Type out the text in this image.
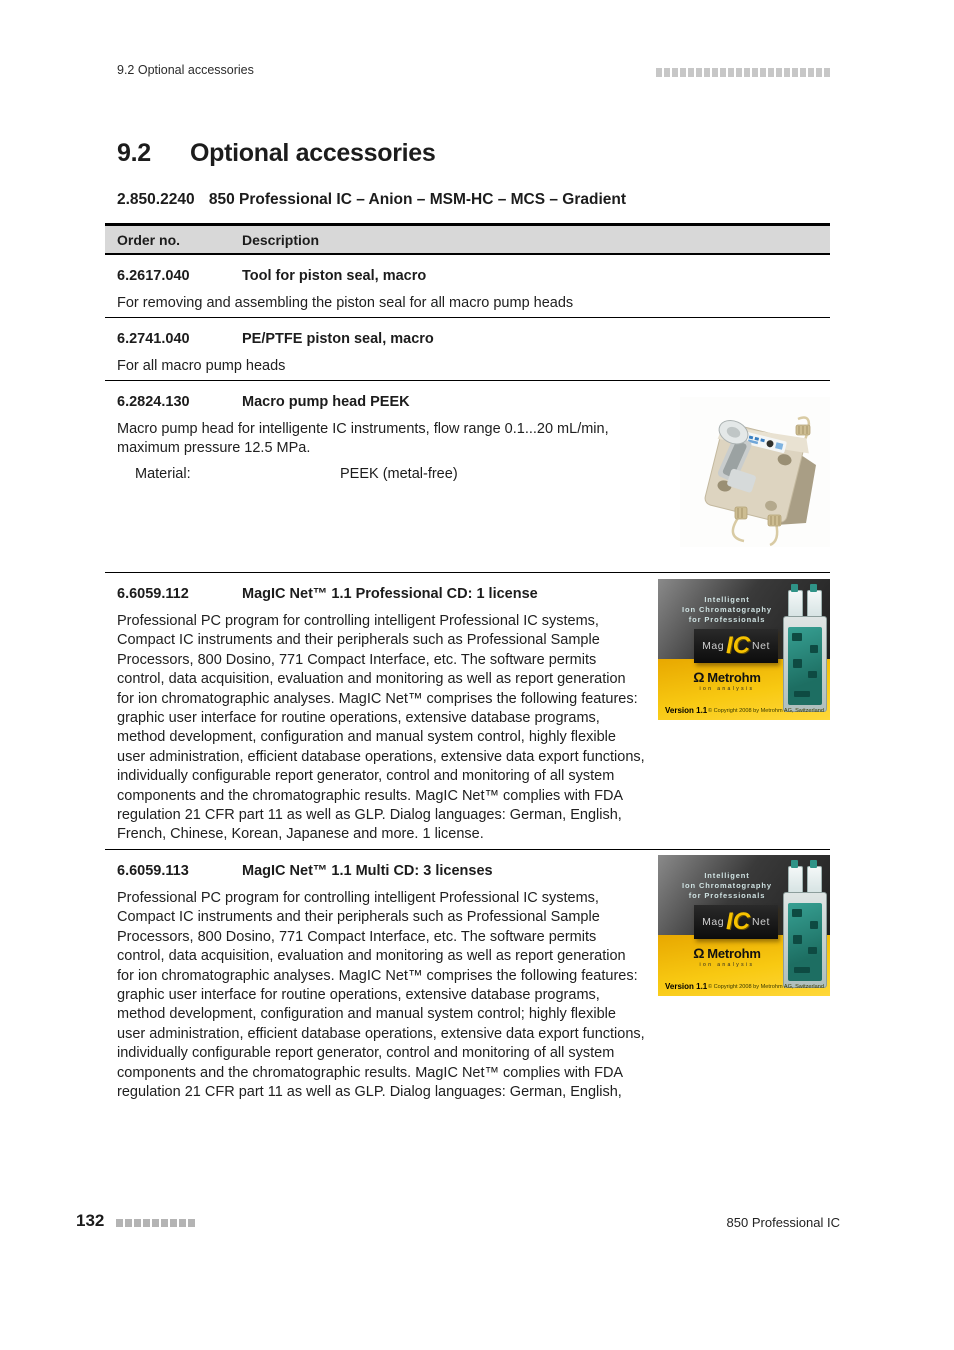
9.2 Optional accessories
9.2 Optional accessories
2.850.2240 850 Professional IC – Anion – MSM-HC – MCS – Gradient
Order no.	Description
6.2617.040	Tool for piston seal, macro
For removing and assembling the piston seal for all macro pump heads
6.2741.040	PE/PTFE piston seal, macro
For all macro pump heads
6.2824.130	Macro pump head PEEK
Macro pump head for intelligente IC instruments, flow range 0.1...20 mL/min, maximum pressure 12.5 MPa.
Material:	PEEK (metal-free)
6.6059.112	MagIC Net™ 1.1 Professional CD: 1 license
Professional PC program for controlling intelligent Professional IC systems, Compact IC instruments and their peripherals such as Professional Sample Processors, 800 Dosino, 771 Compact Interface, etc. The software permits control, data acquisition, evaluation and monitoring as well as report generation for ion chromatographic analyses. MagIC Net™ comprises the following features: graphic user interface for routine operations, extensive database programs, method development, configuration and manual system control, highly flexible user administration, efficient database operations, extensive data export functions, individually configurable report generator, control and monitoring of all system components and the chromatographic results. MagIC Net™ complies with FDA regulation 21 CFR part 11 as well as GLP. Dialog languages: German, English, French, Chinese, Korean, Japanese and more. 1 license.
Intelligent
Ion Chromatography
for Professionals
Mag IC Net
Ω Metrohm
ion analysis
Version 1.1 © Copyright 2008 by Metrohm AG, Switzerland
6.6059.113	MagIC Net™ 1.1 Multi CD: 3 licenses
Professional PC program for controlling intelligent Professional IC systems, Compact IC instruments and their peripherals such as Professional Sample Processors, 800 Dosino, 771 Compact Interface, etc. The software permits control, data acquisition, evaluation and monitoring as well as report generation for ion chromatographic analyses. MagIC Net™ comprises the following features: graphic user interface for routine operations, extensive database programs, method development, configuration and manual system control; highly flexible user administration, efficient database operations, extensive data export functions, individually configurable report generator, control and monitoring of all system components and the chromatographic results. MagIC Net™ complies with FDA regulation 21 CFR part 11 as well as GLP. Dialog languages: German, English,
Intelligent
Ion Chromatography
for Professionals
Mag IC Net
Ω Metrohm
ion analysis
Version 1.1 © Copyright 2008 by Metrohm AG, Switzerland
132	850 Professional IC
